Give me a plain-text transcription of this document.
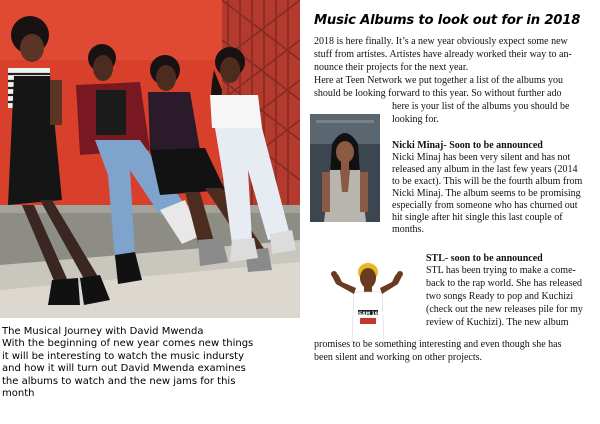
The Musical Journey with David Mwenda
With the beginning of new year comes new things
it will be interesting to watch the music indursty
and how it will turn out David Mwenda examines
the albums to watch and the new jams for this
month
Music Albums to look out for in 2018
2018 is here finally. It’s a new year obviously expect some new
stuff from artistes. Artistes have already worked their way to an-
nounce their projects for the next year.
Here at Teen Network we put together a list of the albums you
should be looking forward to this year. So without further ado
here is your list of the albums you should be
looking for.
Nicki Minaj- Soon to be announced
Nicki Minaj has been very silent and has not
released any album in the last few years (2014
to be exact). This will be the fourth album from
Nicki Minaj. The album seems to be promising
especially from someone who has churned out
hit single after hit single this last couple of
months.
DREAM 1964
STL- soon to be announced
STL has been trying to make a come-
back to the rap world. She has released
two songs Ready to pop and Kuchizi
(check out the new releases pile for my
review of Kuchizi). The new album
promises to be something interesting and even though she has
been silent and working on other projects.
